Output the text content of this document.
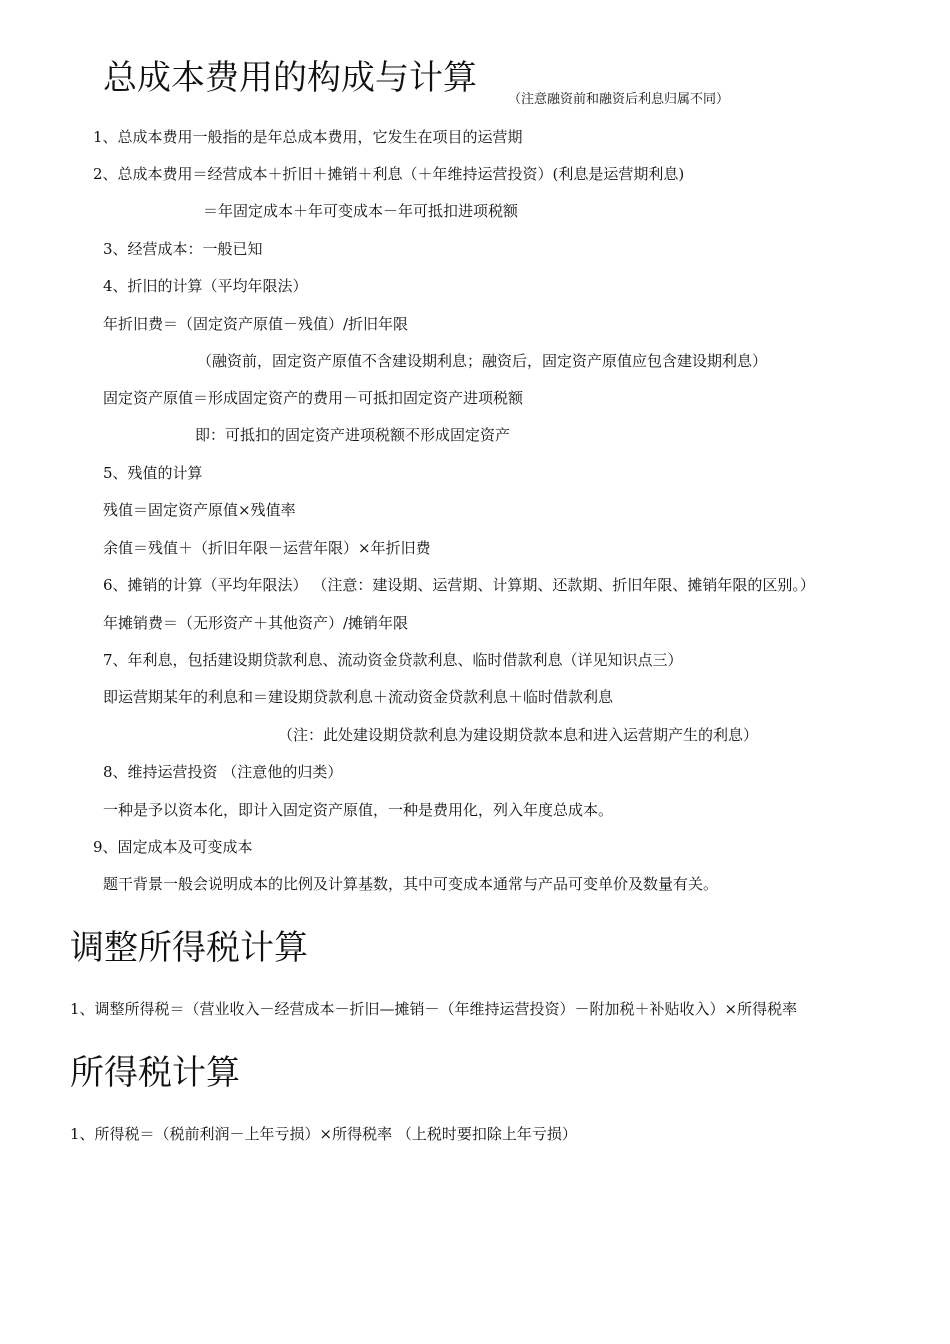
总成本费用的构成与计算
（注意融资前和融资后利息归属不同）
1、总成本费用一般指的是年总成本费用，它发生在项目的运营期
2、总成本费用＝经营成本＋折旧＋摊销＋利息（＋年维持运营投资）(利息是运营期利息)
＝年固定成本＋年可变成本－年可抵扣进项税额
3、经营成本：一般已知
4、折旧的计算（平均年限法）
年折旧费＝（固定资产原值－残值）/折旧年限
（融资前，固定资产原值不含建设期利息；融资后，固定资产原值应包含建设期利息）
固定资产原值＝形成固定资产的费用－可抵扣固定资产进项税额
即：可抵扣的固定资产进项税额不形成固定资产
5、残值的计算
残值＝固定资产原值×残值率
余值＝残值＋（折旧年限－运营年限）×年折旧费
6、摊销的计算（平均年限法） （注意：建设期、运营期、计算期、还款期、折旧年限、摊销年限的区别。）
年摊销费＝（无形资产＋其他资产）/摊销年限
7、年利息，包括建设期贷款利息、流动资金贷款利息、临时借款利息（详见知识点三）
即运营期某年的利息和＝建设期贷款利息＋流动资金贷款利息＋临时借款利息
（注：此处建设期贷款利息为建设期贷款本息和进入运营期产生的利息）
8、维持运营投资 （注意他的归类）
一种是予以资本化，即计入固定资产原值，一种是费用化，列入年度总成本。
9、固定成本及可变成本
题干背景一般会说明成本的比例及计算基数，其中可变成本通常与产品可变单价及数量有关。
调整所得税计算
1、调整所得税＝（营业收入－经营成本－折旧—摊销－（年维持运营投资）－附加税＋补贴收入）×所得税率
所得税计算
1、所得税＝（税前利润－上年亏损）×所得税率 （上税时要扣除上年亏损）
